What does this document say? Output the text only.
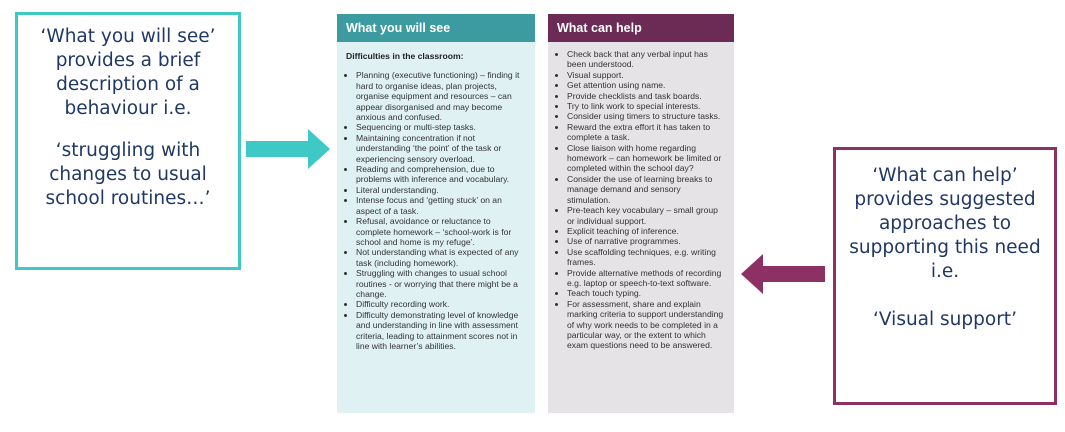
‘What you will see’ provides a brief description of a behaviour i.e.

‘struggling with changes to usual school routines…’

What you will see
Difficulties in the classroom:
• Planning (executive functioning) – finding it hard to organise ideas, plan projects, organise equipment and resources – can appear disorganised and may become anxious and confused.
• Sequencing or multi-step tasks.
• Maintaining concentration if not understanding ‘the point’ of the task or experiencing sensory overload.
• Reading and comprehension, due to problems with inference and vocabulary.
• Literal understanding.
• Intense focus and ‘getting stuck’ on an aspect of a task.
• Refusal, avoidance or reluctance to complete homework – ‘school-work is for school and home is my refuge’.
• Not understanding what is expected of any task (including homework).
• Struggling with changes to usual school routines - or worrying that there might be a change.
• Difficulty recording work.
• Difficulty demonstrating level of knowledge and understanding in line with assessment criteria, leading to attainment scores not in line with learner’s abilities.
What can help
• Check back that any verbal input has been understood.
• Visual support.
• Get attention using name.
• Provide checklists and task boards.
• Try to link work to special interests.
• Consider using timers to structure tasks.
• Reward the extra effort it has taken to complete a task.
• Close liaison with home regarding homework – can homework be limited or completed within the school day?
• Consider the use of learning breaks to manage demand and sensory stimulation.
• Pre-teach key vocabulary – small group or individual support.
• Explicit teaching of inference.
• Use of narrative programmes.
• Use scaffolding techniques, e.g. writing frames.
• Provide alternative methods of recording e.g. laptop or speech-to-text software.
• Teach touch typing.
• For assessment, share and explain marking criteria to support understanding of why work needs to be completed in a particular way, or the extent to which exam questions need to be answered.

‘What can help’ provides suggested approaches to supporting this need i.e.

‘Visual support’
